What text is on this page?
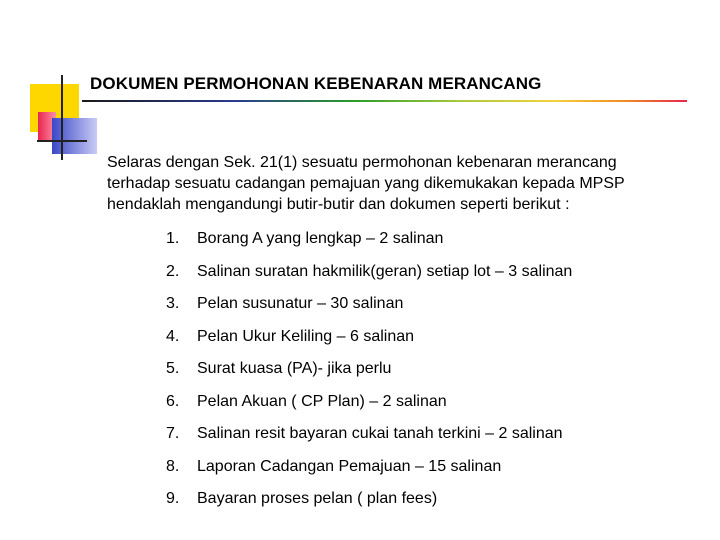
DOKUMEN PERMOHONAN KEBENARAN MERANCANG
Selaras dengan Sek. 21(1) sesuatu permohonan kebenaran merancang
terhadap sesuatu cadangan pemajuan yang dikemukakan kepada MPSP
hendaklah mengandungi butir-butir dan dokumen seperti berikut :
1.	Borang A yang lengkap – 2 salinan
2.	Salinan suratan hakmilik(geran) setiap lot – 3 salinan
3.	Pelan susunatur – 30 salinan
4.	Pelan Ukur Keliling – 6 salinan
5.	Surat kuasa (PA)- jika perlu
6.	Pelan Akuan ( CP Plan) – 2 salinan
7.	Salinan resit bayaran cukai tanah terkini – 2 salinan
8.	Laporan Cadangan Pemajuan – 15 salinan
9.	Bayaran proses pelan ( plan fees)
